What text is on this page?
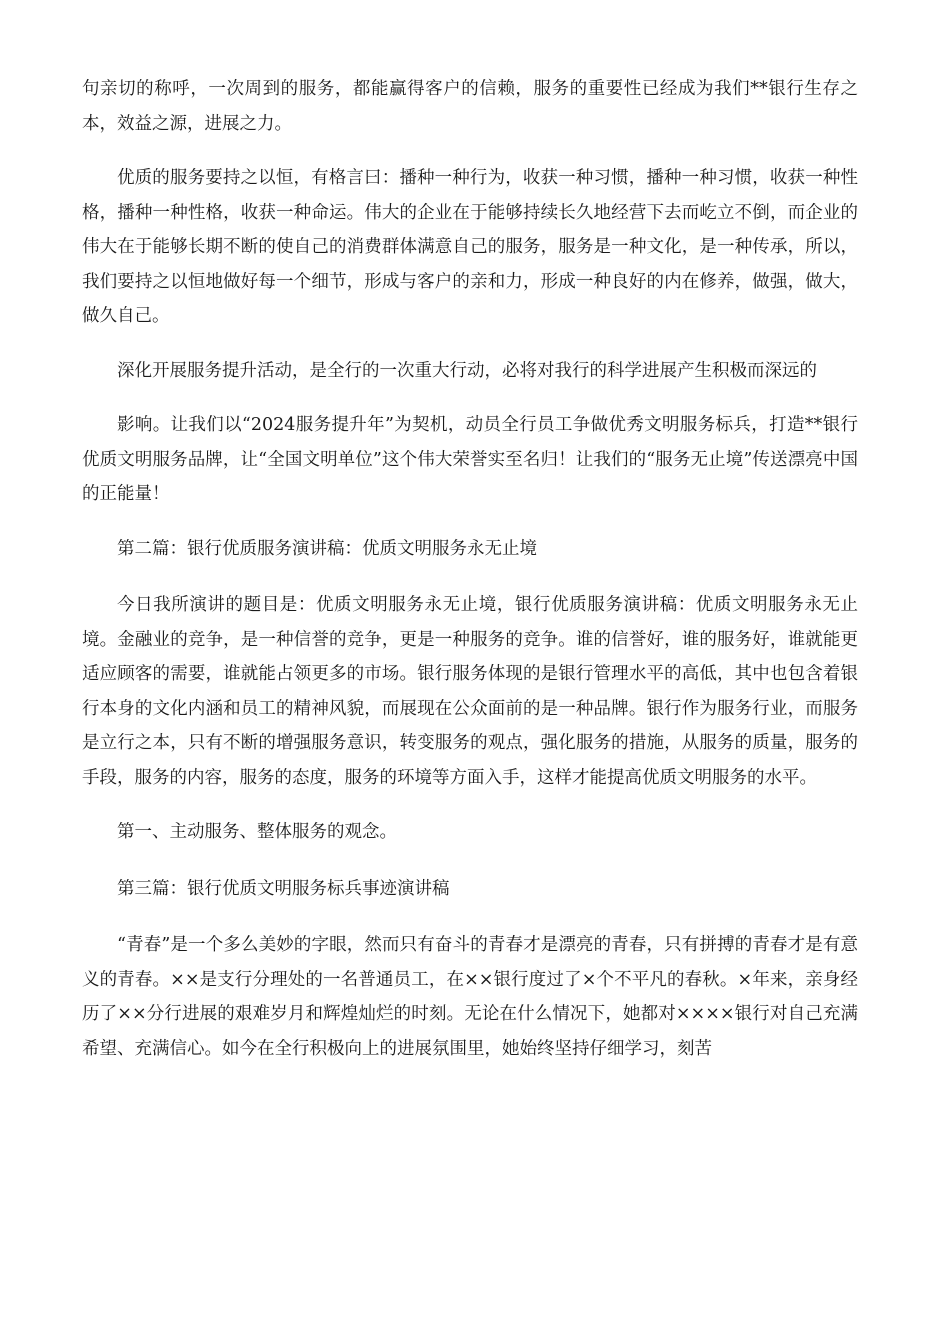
句亲切的称呼，一次周到的服务，都能赢得客户的信赖，服务的重要性已经成为我们**银行生存之本，效益之源，进展之力。

优质的服务要持之以恒，有格言曰：播种一种行为，收获一种习惯，播种一种习惯，收获一种性格，播种一种性格，收获一种命运。伟大的企业在于能够持续长久地经营下去而屹立不倒，而企业的伟大在于能够长期不断的使自己的消费群体满意自己的服务，服务是一种文化，是一种传承，所以，我们要持之以恒地做好每一个细节，形成与客户的亲和力，形成一种良好的内在修养，做强，做大，做久自己。

深化开展服务提升活动，是全行的一次重大行动，必将对我行的科学进展产生积极而深远的

影响。让我们以“2024服务提升年”为契机，动员全行员工争做优秀文明服务标兵，打造**银行优质文明服务品牌，让“全国文明单位”这个伟大荣誉实至名归！让我们的“服务无止境”传送漂亮中国的正能量！

第二篇：银行优质服务演讲稿：优质文明服务永无止境

今日我所演讲的题目是：优质文明服务永无止境，银行优质服务演讲稿：优质文明服务永无止境。金融业的竞争，是一种信誉的竞争，更是一种服务的竞争。谁的信誉好，谁的服务好，谁就能更适应顾客的需要，谁就能占领更多的市场。银行服务体现的是银行管理水平的高低，其中也包含着银行本身的文化内涵和员工的精神风貌，而展现在公众面前的是一种品牌。银行作为服务行业，而服务是立行之本，只有不断的增强服务意识，转变服务的观点，强化服务的措施，从服务的质量，服务的手段，服务的内容，服务的态度，服务的环境等方面入手，这样才能提高优质文明服务的水平。

第一、主动服务、整体服务的观念。

第三篇：银行优质文明服务标兵事迹演讲稿

“青春”是一个多么美妙的字眼，然而只有奋斗的青春才是漂亮的青春，只有拼搏的青春才是有意义的青春。××是支行分理处的一名普通员工，在××银行度过了×个不平凡的春秋。×年来，亲身经历了××分行进展的艰难岁月和辉煌灿烂的时刻。无论在什么情况下，她都对××××银行对自己充满希望、充满信心。如今在全行积极向上的进展氛围里，她始终坚持仔细学习，刻苦
